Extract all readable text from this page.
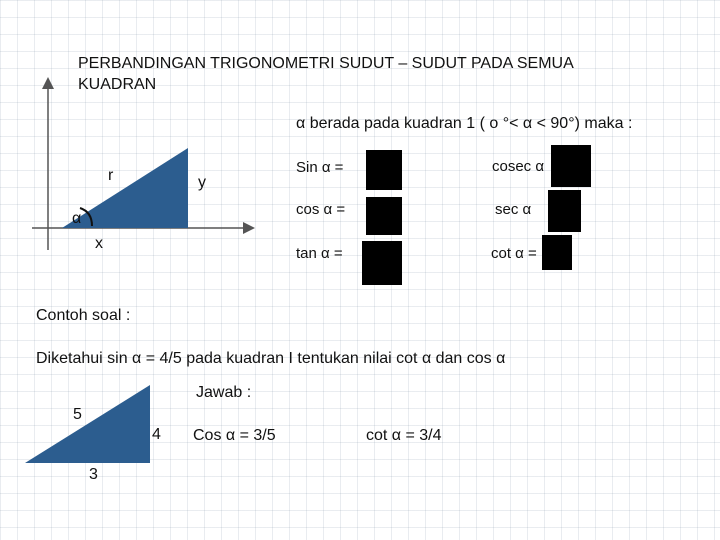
PERBANDINGAN TRIGONOMETRI SUDUT – SUDUT PADA SEMUA
KUADRAN
r	y
α
x
α berada pada kuadran 1 ( o °< α < 90°) maka :
Sin α =
cos α =
tan α =
cosec α
sec α
cot α =
Contoh soal :
Diketahui sin α = 4/5 pada kuadran I tentukan nilai cot α dan cos α
Jawab :
5
4
3
Cos α = 3/5	cot α = 3/4
